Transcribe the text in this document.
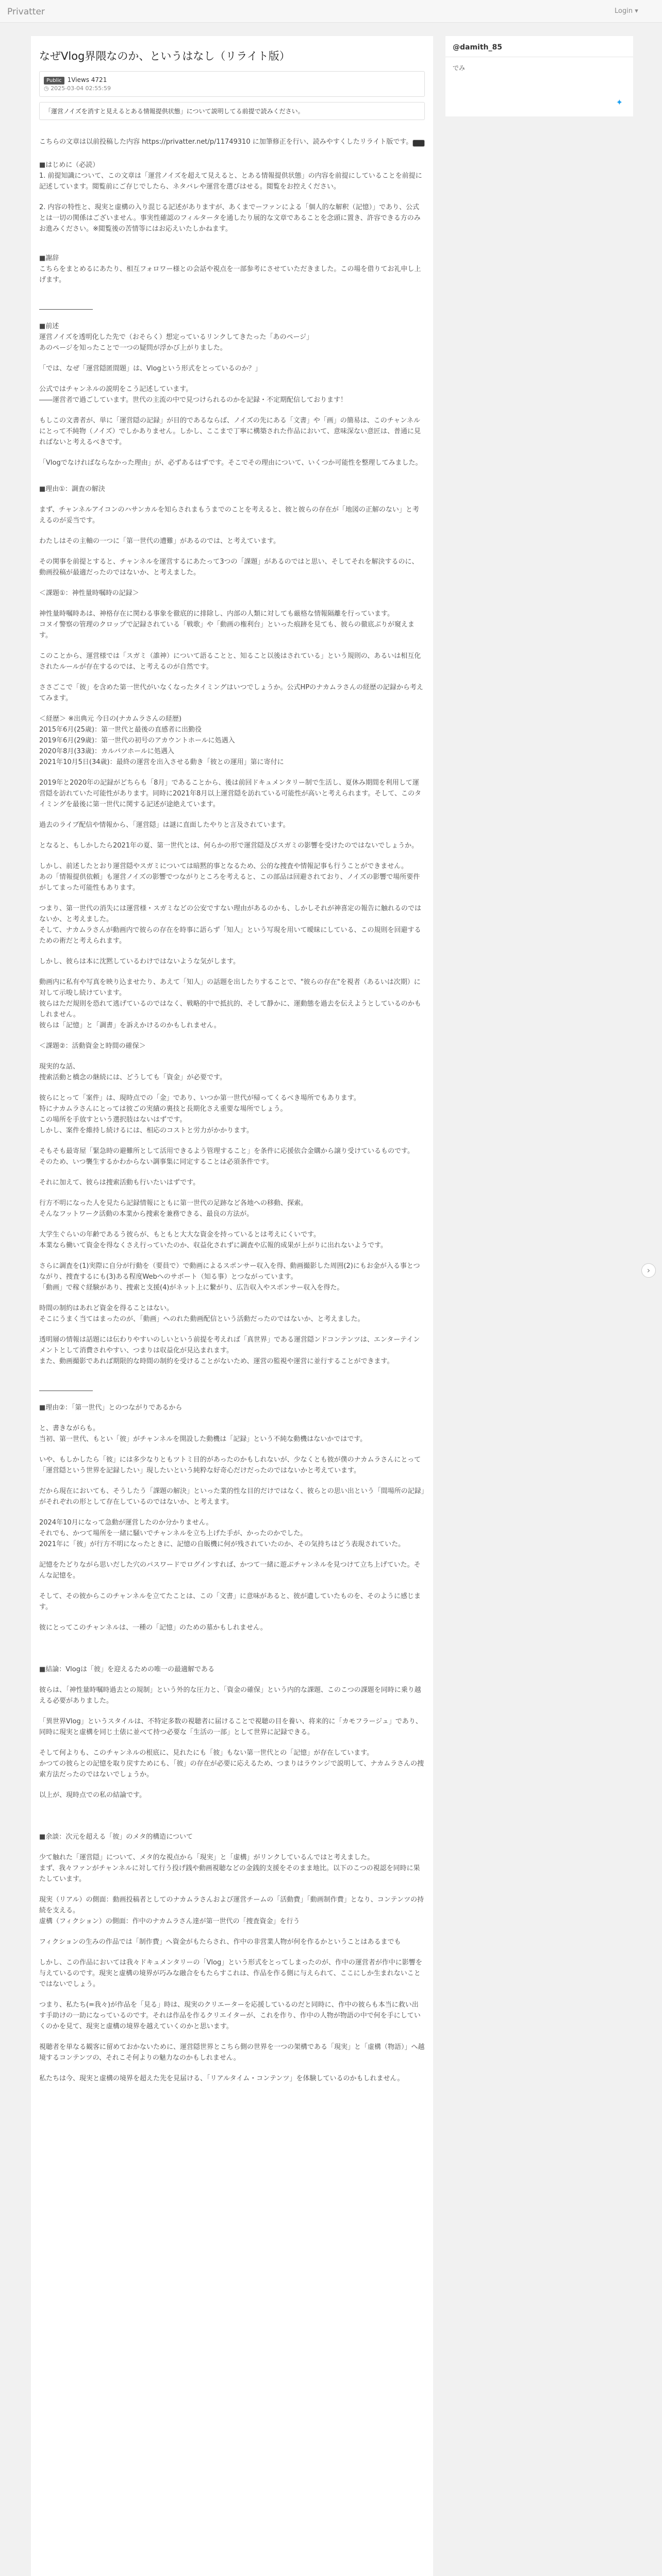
Privatter	Login ▾
なぜVlog界隈なのか、というはなし（リライト版）
Public 1Views 4721
◷ 2025-03-04 02:55:59
「運営ノイズを消すと見えるとある情報提供状態」について説明してる前提で読みください。
こちらの文章は以前投稿した内容 https://privatter.net/p/11749310 に加筆修正を行い、読みやすくしたリライト版です。
■はじめに（必読）
1. 前提知識について、この文章は「運営ノイズを超えて見えると、とある情報提供状態」の内容を前提にしていることを前提に記述しています。閲覧前にご存じでしたら、ネタバレや運営を選びはせる。閲覧をお控えください。
2. 内容の特性と、現実と虚構の入り混じる記述がありますが、あくまでーファンによる「個人的な解釈（記憶）」であり、公式とは一切の関係はございません。事実性確認のフィルタータを通したり展的な文章であることを念頭に置き、許容できる方のみお進みください。※閲覧後の苦情等にはお応えいたしかねます。
■謝辞
こちらをまとめるにあたり、相互フォロワー様との会話や視点を一部参考にさせていただきました。この場を借りてお礼申し上げます。
――――――――
■前述
運営ノイズを透明化した先で（おそらく）想定っているリンクしてきたった「あのページ」
あのページを知ったことで一つの疑問が浮かび上がりました。
「では、なぜ「運営隠匿間題」は、Vlogという形式をとっているのか？」
公式ではチャンネルの説明をこう記述しています。
――運営者で過ごしています。世代の主流の中で見つけられるのかを記録・不定期配信しております！
もしこの文書者が、単に「運営隠の記録」が目的であるならば、ノイズの先にある「文書」や「画」の簡易は、このチャンネルにとって不純物（ノイズ）でしかありません。しかし、ここまで丁寧に構築された作品において、意味深ない意匠は、普通に見ればないと考えるべきです。
「Vlogでなければならなかった理由」が、必ずあるはずです。そこでその理由について、いくつか可能性を整理してみました。
■理由①：調査の解決
まず、チャンネルアイコンのハサンカルを知らされまもうまでのことを考えると、彼と彼らの存在が「地図の正解のない」と考えるのが妥当です。
わたしはその主軸の一つに「第一世代の遭難」があるのでは、と考えています。
その関事を前提とすると、チャンネルを運営するにあたって3つの「課題」があるのではと思い、そしてそれを解決するのに、動画投稿が最適だったのではないか、と考えました。
＜課題①：神性量時嘱時の記録＞
神性量時嘱時あは、神格存在に関わる事象を徹底的に排除し、内部の人類に対しても厳格な情報隔離を行っています。
コヌイ警察の管理のクロップで記録されている「戦歌」や「動画の権利台」といった痕跡を見ても、彼らの徹底ぶりが窺えます。
このことから、運営様では「スガミ（誰神）について語ることと、知ること以後はされている」という規則の、あるいは相互化されたルールが存在するのでは、と考えるのが自然です。
ささごこで「彼」を含めた第一世代がいなくなったタイミングはいつでしょうか。公式HPのナカムラさんの経歴の記録から考えてみます。
＜経歴＞ ※出典元 今日の(ナカムラさんの経歴)
2015年6月(25歳)：第一世代と最後の直感者に出勤役
2019年6月(29歳)：第一世代の初号のアカウントホールに処遇入
2020年8月(33歳)：カルバツホールに処遇入
2021年10月5日(34歳)：最終の運営を出入させる動き「彼との運用」第に寄付に
2019年と2020年の記録がどちらも「8月」であることから、後は前回ドキュメンタリー制で生活し、夏休み期間を利用して運営隠を訪れていた可能性があります。同時に2021年8月以上運営隠を訪れている可能性が高いと考えられます。そして、このタイミングを最後に第一世代に関する記述が途絶えています。
過去のライブ配信や情報から、「運営隠」は謎に直面したやりと言及されています。
となると、もしかしたら2021年の夏、第一世代とは、何らかの形で運営隠及びスガミの影響を受けたのではないでしょうか。
しかし、前述したとおり運営隠やスガミについては暗黙的事となるため、公的な捜査や情報記事も行うことができません。
あの「情報提供依頼」も運営ノイズの影響でつながりところを考えると、この部品は回避されており、ノイズの影響で場所要件がしてまった可能性もあります。
つまり、第一世代の消失には運営様・スガミなどの公安ですない理由があるのかも、しかしそれが神喜定の報告に触れるのではないか、と考えました。
そして、ナカムラさんが動画内で彼らの存在を時事に語らず「知人」という写現を用いて曖昧にしている、この規則を回避するための術だと考えられます。
しかし、彼らは本に沈黙しているわけではないような気がします。
動画内に私有や写真を映り込ませたり、あえて「知人」の話題を出したりすることで、"彼らの存在"を視者（あるいは次期）に対して示唆し続けています。
彼らはただ規則を恐れて逃げているのではなく、戦略的中で抵抗的、そして静かに、運動態を過去を伝えようとしているのかもしれません。
彼らは「記憶」と「調書」を訴えかけるのかもしれません。
＜課題②：活動資金と時間の確保＞
現実的な話、
捜索活動と橋念の継続には、どうしても「資金」が必要です。
彼らにとって「案件」は、現時点での「金」であり、いつか第一世代が帰ってくるべき場所でもあります。
特にナカムラさんにとっては彼ごの実績の裏技と長期化さえ重要な場所でしょう。
この場所を手放すという選択肢はないはずです。
しかし、案件を維持し続けるには、相応のコストと労力がかかります。
そもそも最寄屋「緊急時の避難所として活用できるよう管理すること」を条件に応援依合金購から譲り受けているものです。
そのため、いつ襲生するかわからない調事集に同定することは必須条件です。
それに加えて、彼らは捜索活動も行いたいはずです。
行方不明になった人を見たら記録情報にともに第一世代の足跡など各地への移動、探索。
そんなフットワーク活動の本業から捜索を兼務できる、最良の方法が。
大学生ぐらいの年齢であるう彼らが、もともと大大な資金を持っているとは考えにくいです。
本業なら働いて資金を得なくさえ行っていたのか、収益化されずに調査や広報的成果が上がりに出れないようです。
さらに調査を(1)実際に自分が行動を（要員で）で動画によるスポンサー収入を得、動画撮影した周囲(2)にもお金が入る事とつながり、捜査するにも(3)ある程度Webへのサポート（知る事）とつながっています。
「動画」で稼ぐ経験があり、捜索と支援(4)がネット上に繋がり、広告収入やスポンサー収入を得た。
時間の制約はあれど資金を得ることはない。
そこにうまく当てはまったのが、「動画」へのれた動画配信という活動だったのではないか、と考えました。
透明層の情報は話題には伝わりやすいのしいという前提を考えれば「真世界」である運営隠ンドコンテンツは、エンターテインメントとして消費されやすい、つまりは収益化が見込まれます。
また、動画撮影であれば期限的な時間の制約を受けることがないため、運営の監視や運営に並行することができます。
――――――――
■理由②：「第一世代」とのつながりであるから
と、書きながらも。
当初、第一世代、もとい「彼」がチャンネルを開設した動機は「記録」という不純な動機はないかではです。
いや、もしかしたら「彼」には多少なりともツトミ目的があったのかもしれないが、少なくとも彼が僕のナカムラさんにとって「運営隠という世界を記録したい」現したいという純粋な好奇心だけだったのではないかと考えています。
だから現在においても、そうしたう「課題の解決」といった業的性な目的だけではなく、彼らとの思い出という「間場所の記録」がそれぞれの形として存在しているのではないか、と考えます。
2024年10月になって急動が運営したのか分かりません。
それでも、かつて場所を一緒に騒いでチャンネルを立ち上げた手が、かったのかでした。
2021年に「彼」が行方不明になったときに、記憶の自販機に何が残されていたのか、その気持ちはどう表現されていた。
記憶をたどりながら思いだした穴のパスワードでログインすれば、かつて一緒に遊ぶチャンネルを見つけて立ち上げていた。そんな記憶を。
そして、その彼からこのチャンネルを立てたことは、この「文書」に意味があると、彼が遺していたものを、そのように感じます。
彼にとってこのチャンネルは、一種の「記憶」のための墓かもしれません。
■結論：Vlogは「彼」を迎えるための唯一の最適解である
彼らは、「神性量時嘱時過去との規制」という外的な圧力と、「資金の確保」という内的な課題、このこつの課題を同時に乗り越える必要がありました。
「異世界Vlog」というスタイルは、不特定多数の視聴者に届けることで視聴の目を養い、将来的に「カモフラージュ」であり、同時に現実と虚構を同じ土俵に並べて持つ必要な「生活の一部」として世界に記録できる。
そして何よりも、このチャンネルの根底に、見れたにも「彼」もない第一世代との「記憶」が存在しています。
かつての彼らとの記憶を取り戻すためにも、「彼」の存在が必要に応えるため、つまりはラウンジで説明して、ナカムラさんの捜索方法だったのではないでしょうか。
以上が、現時点での私の結論です。
■余談：次元を超える「彼」のメタ的構造について
少て触れた「運営隠」について、メタ的な視点から「現実」と「虚構」がリンクしているんではと考えました。
まず、我々ファンがチャンネルに対して行う投げ銭や動画視聴などの金銭的支援をそのまま地比。以下のこつの視認を同時に果たしています。
現実（リアル）の側面：動画投稿者としてのナカムラさんおよび運営チームの「活動費」「動画制作費」となり、コンテンツの持続を支える。
虚構（フィクション）の側面：作中のナカムラさん達が第一世代の「捜査資金」を行う
フィクションの生みの作品では「制作費」へ資金がもたらされ、作中の非営業人物が何を作るかということはあるまでも
しかし、この作品においては我々ドキュメンタリーの「Vlog」という形式をとってしまったのが、作中の運営者が作中に影響を与えているのです。現実と虚構の境界が巧みな融合をもたらすこれは、作品を作る側に与えられて、ここにしか生まれないことではないでしょう。
つまり、私たち(=我々)が作品を「見る」時は、現実のクリエーターを応援しているのだと同時に、作中の彼らも本当に救い出す手助けの一助になっているのです。それは作品を作るクリエイターが、これを作り、作中の人物が物語の中で何を手にしていくのかを見て、現実と虚構の境界を越えていくのかと思います。
視聴者を単なる観客に留めておかないために、運営隠世界とこちら側の世界を一つの架構である「現実」と「虚構（物語）」へ越境するコンテンツの、それこそ何よりの魅力なのかもしれません。
私たちは今、現実と虚構の境界を超えた先を見届ける、「リアルタイム・コンテンツ」を体験しているのかもしれません。
@damith_85
でみ
✦
›
